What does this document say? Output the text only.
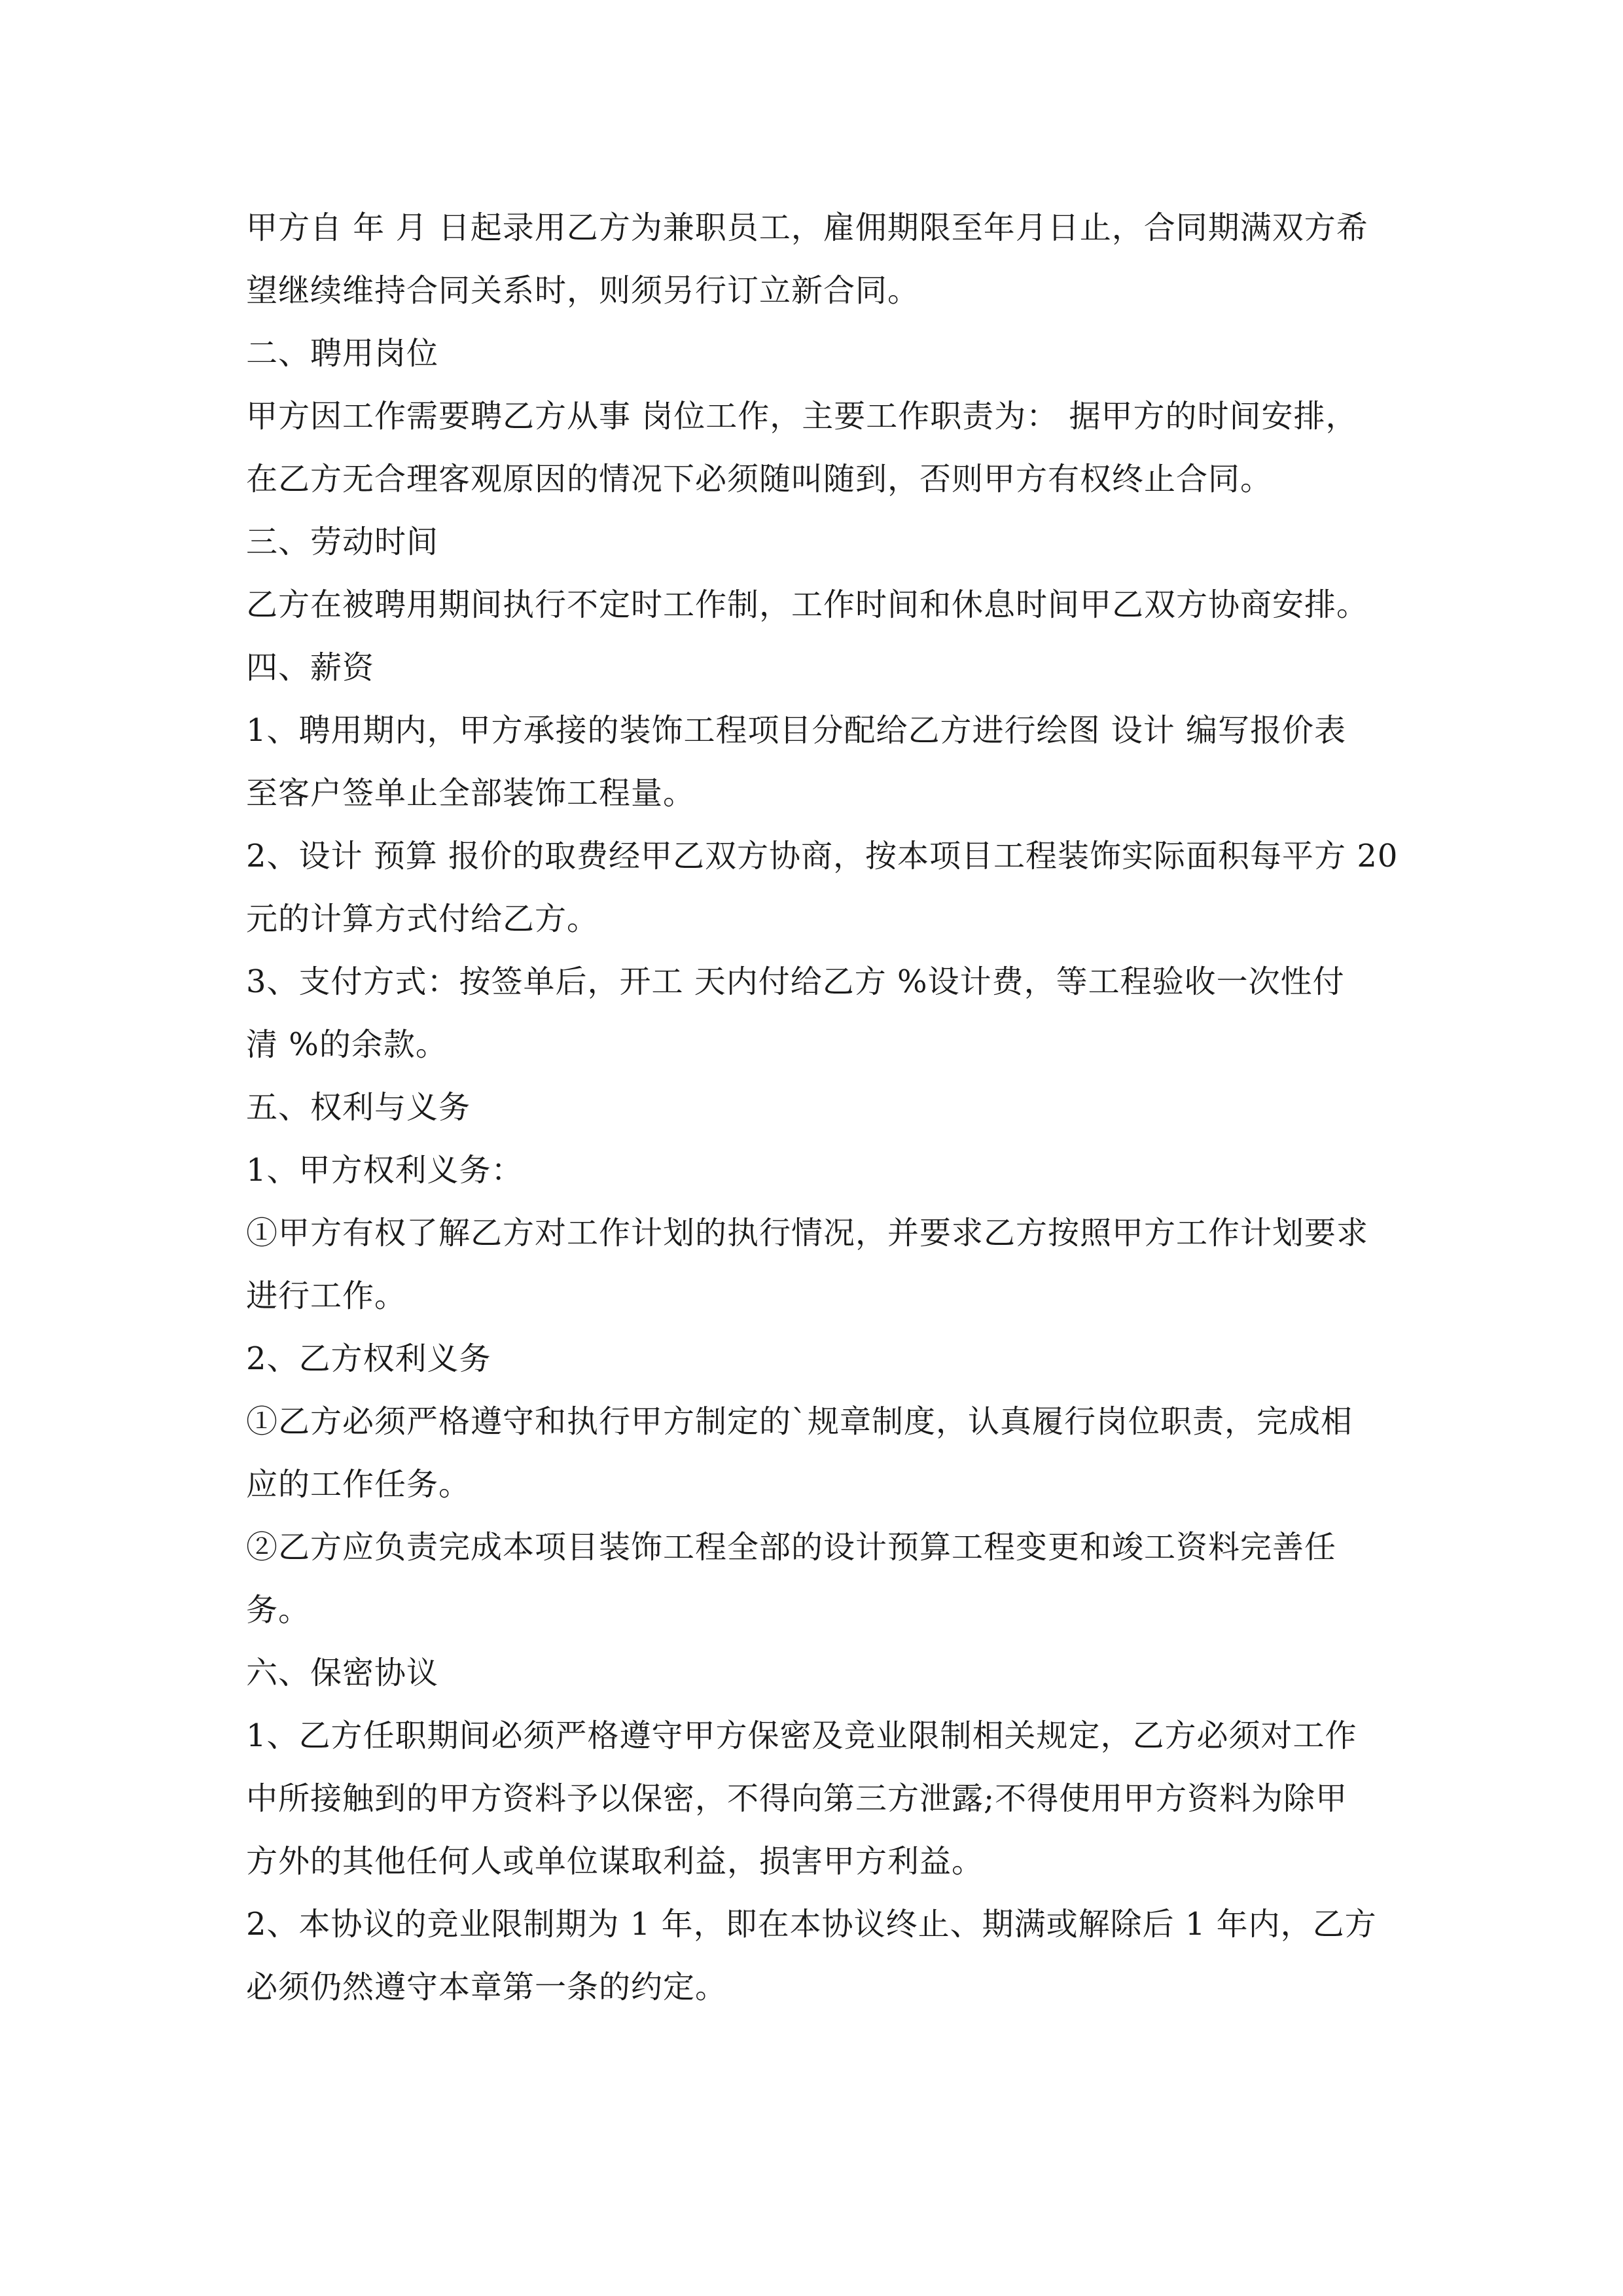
甲方自 年 月 日起录用乙方为兼职员工，雇佣期限至年月日止，合同期满双方希
望继续维持合同关系时，则须另行订立新合同。
二、聘用岗位
甲方因工作需要聘乙方从事 岗位工作，主要工作职责为： 据甲方的时间安排，
在乙方无合理客观原因的情况下必须随叫随到，否则甲方有权终止合同。
三、劳动时间
乙方在被聘用期间执行不定时工作制，工作时间和休息时间甲乙双方协商安排。
四、薪资
1、聘用期内，甲方承接的装饰工程项目分配给乙方进行绘图 设计 编写报价表
至客户签单止全部装饰工程量。
2、设计 预算 报价的取费经甲乙双方协商，按本项目工程装饰实际面积每平方 20
元的计算方式付给乙方。
3、支付方式：按签单后，开工 天内付给乙方 %设计费，等工程验收一次性付
清 %的余款。
五、权利与义务
1、甲方权利义务：
①甲方有权了解乙方对工作计划的执行情况，并要求乙方按照甲方工作计划要求
进行工作。
2、乙方权利义务
①乙方必须严格遵守和执行甲方制定的`规章制度，认真履行岗位职责，完成相
应的工作任务。
②乙方应负责完成本项目装饰工程全部的设计预算工程变更和竣工资料完善任
务。
六、保密协议
1、乙方任职期间必须严格遵守甲方保密及竞业限制相关规定，乙方必须对工作
中所接触到的甲方资料予以保密，不得向第三方泄露;不得使用甲方资料为除甲
方外的其他任何人或单位谋取利益，损害甲方利益。
2、本协议的竞业限制期为 1 年，即在本协议终止、期满或解除后 1 年内，乙方
必须仍然遵守本章第一条的约定。
